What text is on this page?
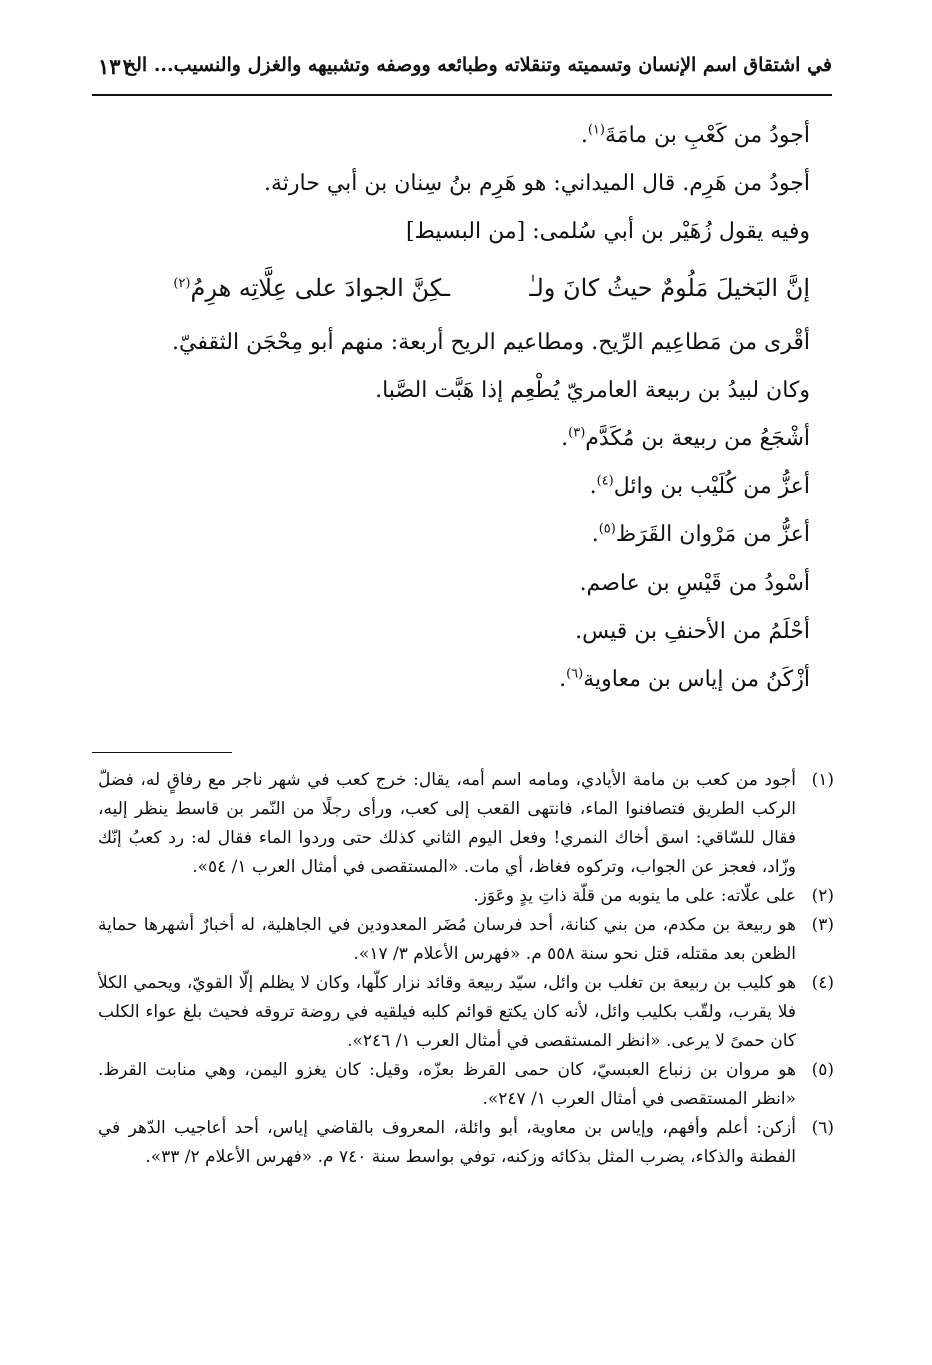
في اشتقاق اسم الإنسان وتسميته وتنقلاته وطبائعه ووصفه وتشبيهه والغزل والنسيب... الخ
١٣١
أجودُ من كَعْبِ بن مامَةَ$^{(١)}$.
أجودُ من هَرِم. قال الميداني: هو هَرِم بنُ سِنان بن أبي حارثة.
وفيه يقول زُهَيْر بن أبي سُلمى: [من البسيط]
إنَّ البَخيلَ مَلُومٌ حيثُ كانَ ولـٰـكِنَّ الجوادَ على عِلَّاتِه هرِمُ$^{(٢)}$
أقْرى من مَطاعِيم الرِّيح. ومطاعيم الريح أربعة: منهم أبو مِحْجَن الثقفيّ.
وكان لبيدُ بن ربيعة العامريّ يُطْعِم إذا هَبَّت الصَّبا.
أشْجَعُ من ربيعة بن مُكَدَّم$^{(٣)}$.
أعزُّ من كُلَيْب بن وائل$^{(٤)}$.
أعزُّ من مَرْوان القَرَظ$^{(٥)}$.
أسْودُ من قَيْسِ بن عاصم.
أحْلَمُ من الأحنفِ بن قيس.
أزْكَنُ من إياس بن معاوية$^{(٦)}$.
(١)
أجود من كعب بن مامة الأيادي، ومامه اسم أمه، يقال: خرج كعب في شهر ناجر مع رفاقٍ له، فضلّ الركب الطريق فتصافنوا الماء، فانتهى القعب إلى كعب، ورأى رجلًا من النّمر بن قاسط ينظر إليه، فقال للسّاقي: اسق أخاك النمري! وفعل اليوم الثاني كذلك حتى وردوا الماء فقال له: رد كعبُ إنّك وزّاد، فعجز عن الجواب، وتركوه فغاظ، أي مات. «المستقصى في أمثال العرب ١/ ٥٤».
(٢)
على علّاته: على ما ينوبه من قلّة ذاتِ يدٍ وعَوَز.
(٣)
هو ربيعة بن مكدم، من بني كنانة، أحد فرسان مُضَر المعدودين في الجاهلية، له أخبارٌ أشهرها حماية الظعن بعد مقتله، قتل نحو سنة ٥٥٨ م. «فهرس الأعلام ٣/ ١٧».
(٤)
هو كليب بن ربيعة بن تغلب بن وائل، سيّد ربيعة وقائد نزار كلّها، وكان لا يظلم إلّا القويّ، ويحمي الكلأ فلا يقرب، ولقّب بكليب وائل، لأنه كان يكتع قوائم كلبه فيلقيه في روضة تروقه فحيث بلغ عواء الكلب كان حمىً لا يرعى. «انظر المستقصى في أمثال العرب ١/ ٢٤٦».
(٥)
هو مروان بن زنباع العبسيّ، كان حمى القرظ بعزّه، وقيل: كان يغزو اليمن، وهي منابت القرظ. «انظر المستقصى في أمثال العرب ١/ ٢٤٧».
(٦)
أزكن: أعلم وأفهم، وإياس بن معاوية، أبو وائلة، المعروف بالقاضي إياس، أحد أعاجيب الدّهر في الفطنة والذكاء، يضرب المثل بذكائه وزكنه، توفي بواسط سنة ٧٤٠ م. «فهرس الأعلام ٢/ ٣٣».
